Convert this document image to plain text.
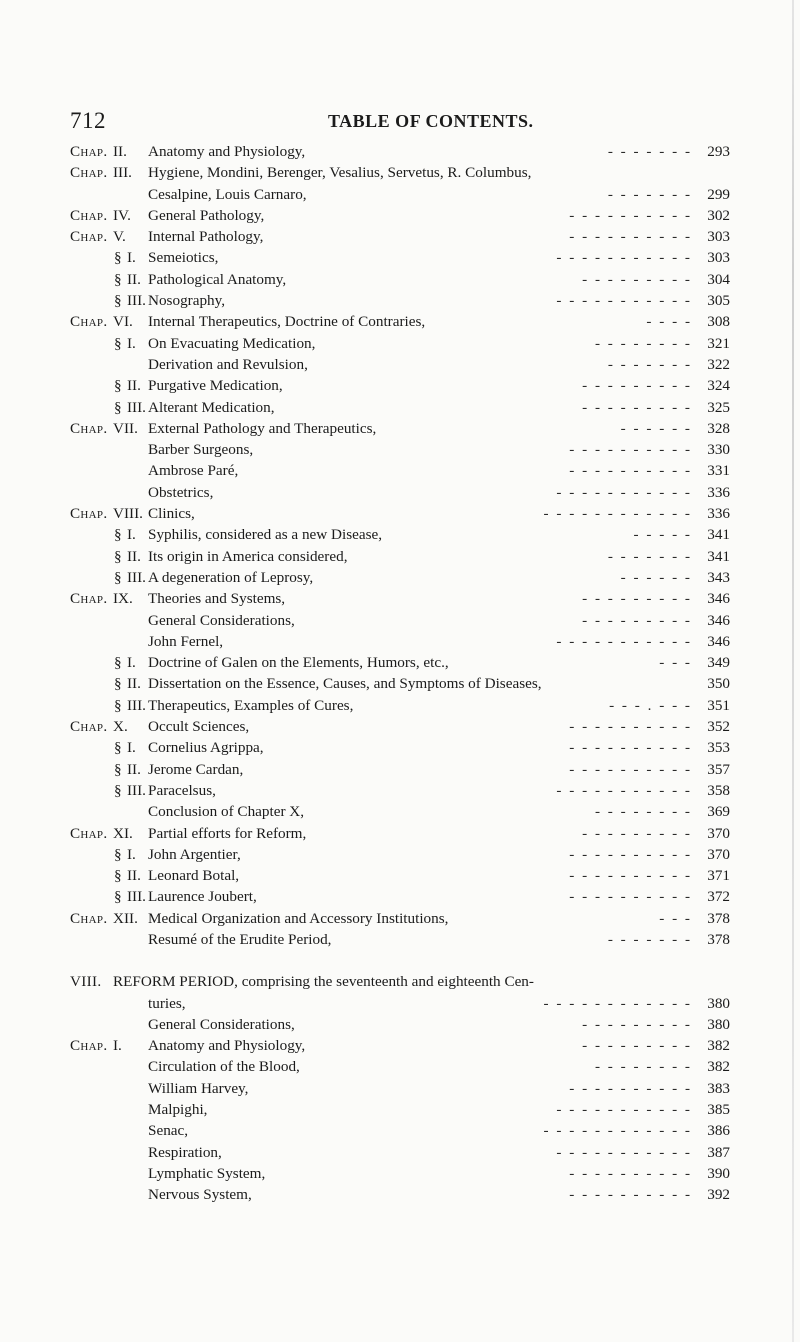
712	TABLE OF CONTENTS.
Chap. II. Anatomy and Physiology,	- - - - - - - 293
Chap. III. Hygiene, Mondini, Berenger, Vesalius, Servetus, R. Columbus,
Cesalpine, Louis Carnaro,	- - - - - - - 299
Chap. IV. General Pathology,	- - - - - - - - - - 302
Chap. V. Internal Pathology,	- - - - - - - - - - 303
§ I. Semeiotics,	- - - - - - - - - - - 303
§ II. Pathological Anatomy,	- - - - - - - - - 304
§ III. Nosography,	- - - - - - - - - - - 305
Chap. VI. Internal Therapeutics, Doctrine of Contraries,	- - - - 308
§ I. On Evacuating Medication,	- - - - - - - - 321
Derivation and Revulsion,	- - - - - - - 322
§ II. Purgative Medication,	- - - - - - - - - 324
§ III. Alterant Medication,	- - - - - - - - - 325
Chap. VII. External Pathology and Therapeutics,	- - - - - - 328
Barber Surgeons,	- - - - - - - - - - 330
Ambrose Paré,	- - - - - - - - - - 331
Obstetrics,	- - - - - - - - - - - 336
Chap. VIII. Clinics,	- - - - - - - - - - - - 336
§ I. Syphilis, considered as a new Disease,	- - - - - 341
§ II. Its origin in America considered,	- - - - - - - 341
§ III. A degeneration of Leprosy,	- - - - - - 343
Chap. IX. Theories and Systems,	- - - - - - - - - 346
General Considerations,	- - - - - - - - - 346
John Fernel,	- - - - - - - - - - - 346
§ I. Doctrine of Galen on the Elements, Humors, etc.,	- - - 349
§ II. Dissertation on the Essence, Causes, and Symptoms of Diseases,	350
§ III. Therapeutics, Examples of Cures,	- - - . - - - 351
Chap. X. Occult Sciences,	- - - - - - - - - - 352
§ I. Cornelius Agrippa,	- - - - - - - - - - 353
§ II. Jerome Cardan,	- - - - - - - - - - 357
§ III. Paracelsus,	- - - - - - - - - - - 358
Conclusion of Chapter X,	- - - - - - - - 369
Chap. XI. Partial efforts for Reform,	- - - - - - - - - 370
§ I. John Argentier,	- - - - - - - - - - 370
§ II. Leonard Botal,	- - - - - - - - - - 371
§ III. Laurence Joubert,	- - - - - - - - - - 372
Chap. XII. Medical Organization and Accessory Institutions,	- - - 378
Resumé of the Erudite Period,	- - - - - - - 378
VIII. REFORM PERIOD, comprising the seventeenth and eighteenth Cen-
turies,	- - - - - - - - - - - - 380
General Considerations,	- - - - - - - - - 380
Chap. I. Anatomy and Physiology,	- - - - - - - - - 382
Circulation of the Blood,	- - - - - - - - 382
William Harvey,	- - - - - - - - - - 383
Malpighi,	- - - - - - - - - - - 385
Senac,	- - - - - - - - - - - - 386
Respiration,	- - - - - - - - - - - 387
Lymphatic System,	- - - - - - - - - - 390
Nervous System,	- - - - - - - - - - 392
